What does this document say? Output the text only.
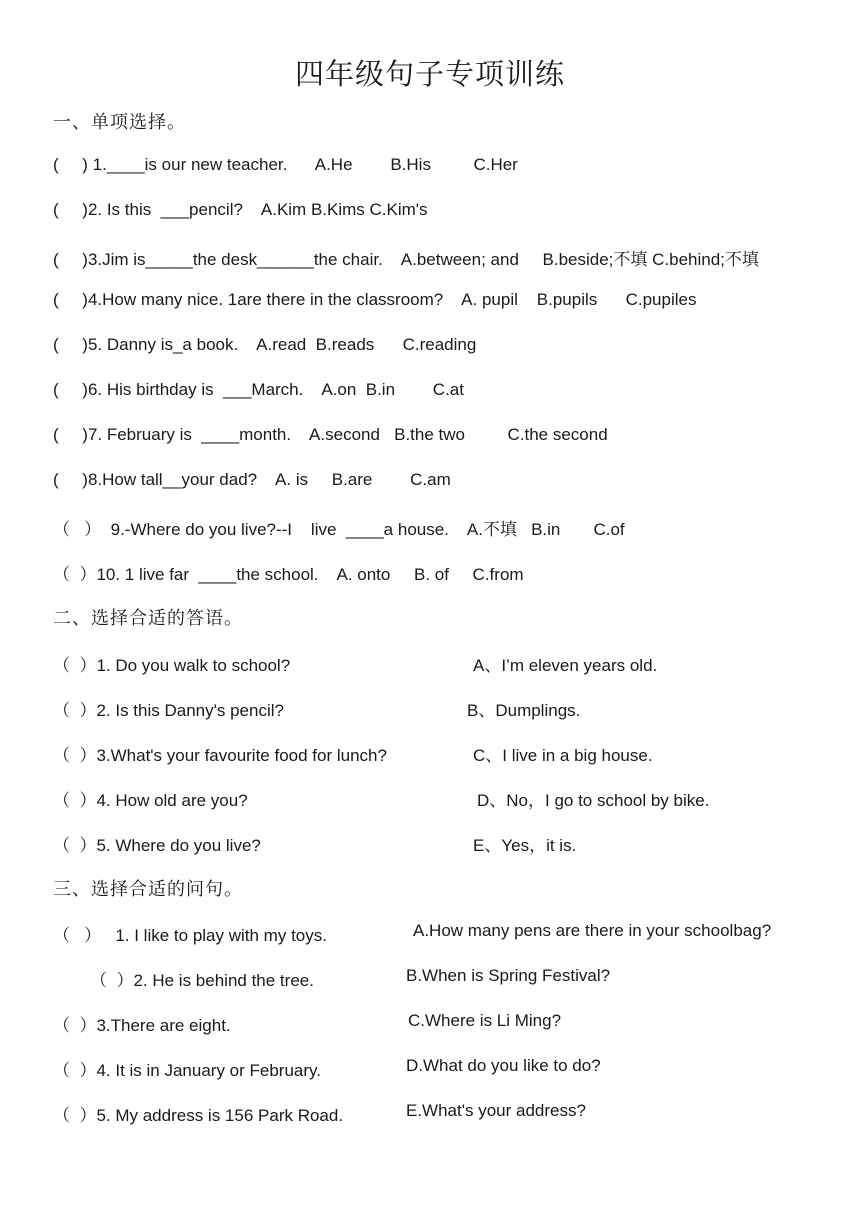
四年级句子专项训练
一、单项选择。
(     ) 1.____is our new teacher.      A.He        B.His         C.Her
(     )2. Is this  ___pencil?    A.Kim B.Kims C.Kim's
(     )3.Jim is_____the desk______the chair.    A.between; and     B.beside;不填 C.behind;不填
(     )4.How many nice. 1are there in the classroom?    A. pupil    B.pupils      C.pupiles
(     )5. Danny is_a book.    A.read  B.reads      C.reading
(     )6. His birthday is  ___March.    A.on  B.in        C.at
(     )7. February is  ____month.    A.second   B.the two         C.the second
(     )8.How tall__your dad?    A. is     B.are        C.am
（   ）  9.-Where do you live?--I    live  ____a house.    A.不填   B.in       C.of
（  ）10. 1 live far  ____the school.    A. onto     B. of     C.from
二、选择合适的答语。
（  ）1. Do you walk to school?	A、I’m eleven years old.
（  ）2. Is this Danny's pencil?	B、Dumplings.
（  ）3.What's your favourite food for lunch?	C、I live in a big house.
（  ）4. How old are you?	D、No，I go to school by bike.
（  ）5. Where do you live?	E、Yes，it is.
三、选择合适的问句。
（   ）   1. I like to play with my toys.	A.How many pens are there in your schoolbag?
（  ）2. He is behind the tree.	B.When is Spring Festival?
（  ）3.There are eight.	C.Where is Li Ming?
（  ）4. It is in January or February.	D.What do you like to do?
（  ）5. My address is 156 Park Road.	E.What's your address?
